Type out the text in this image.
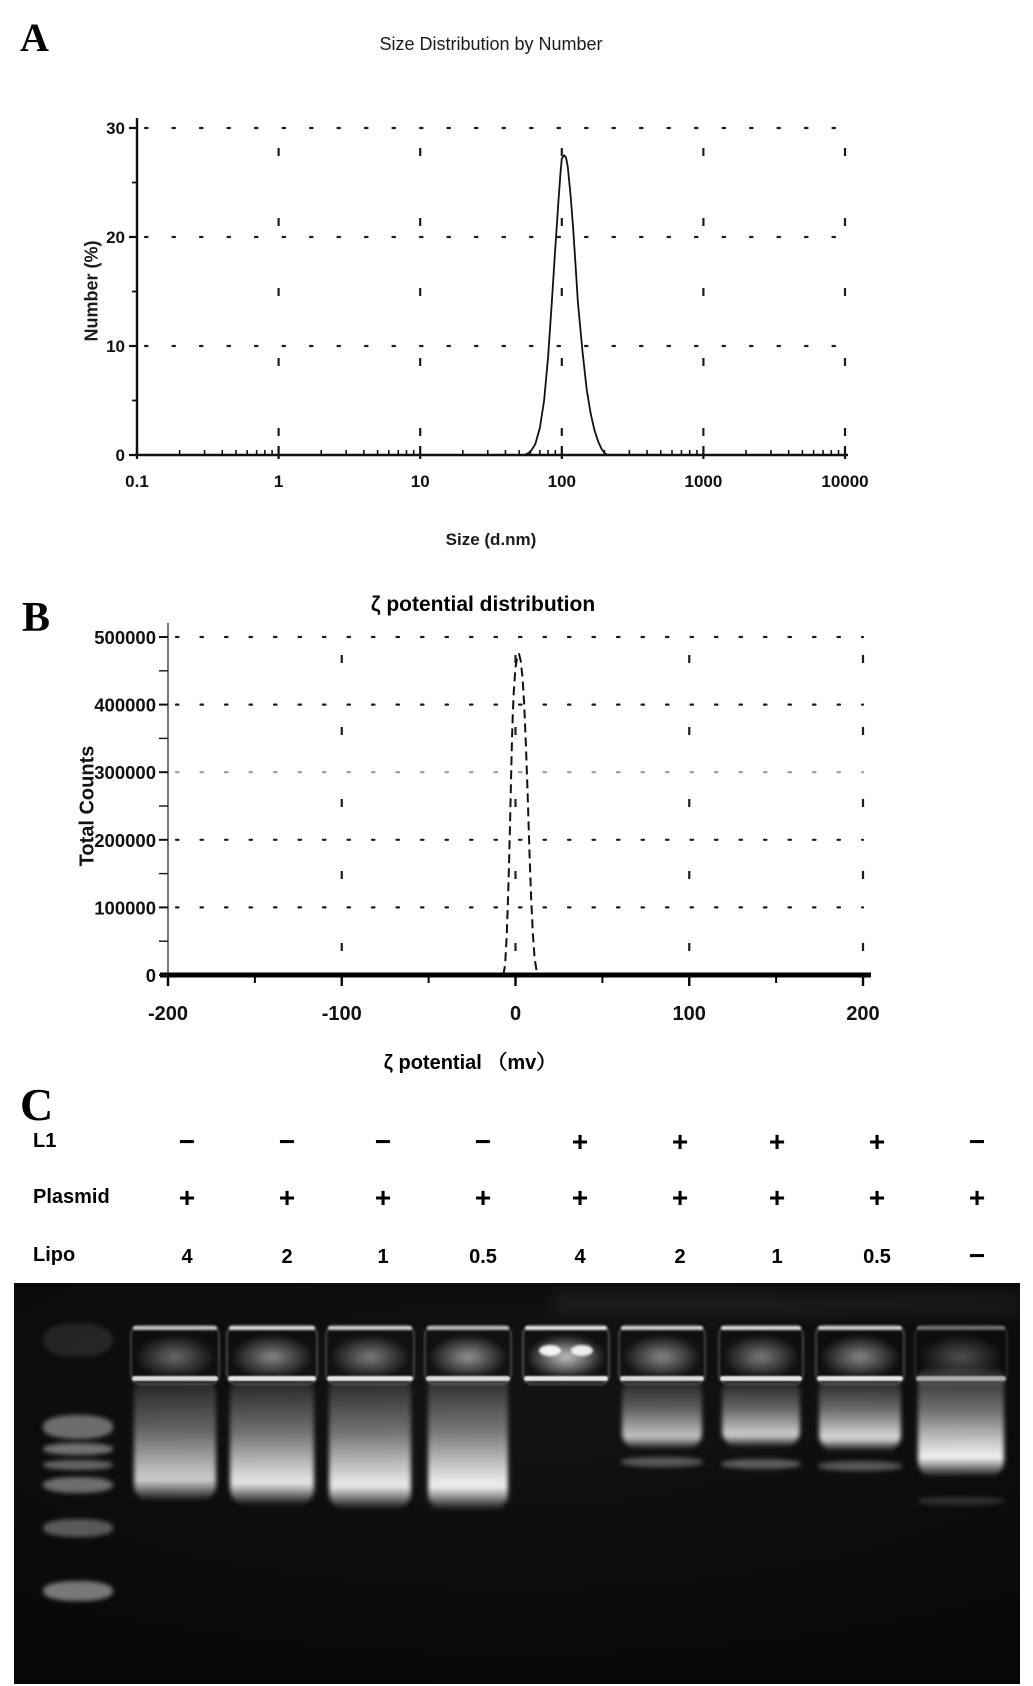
A	Size Distribution by Number
Number (%)
0.1	1	10	100	1000	10000
0
10
20
30
Size (d.nm)
B	ζ potential distribution
Total Counts
-200	-100	0	100	200
0
100000
200000
300000
400000
500000
ζ potential （mv）
C
L1	−	−	−	−	+	+	+	+	−
Plasmid	+	+	+	+	+	+	+	+	+
Lipo	4	2	1	0.5	4	2	1	0.5	−
